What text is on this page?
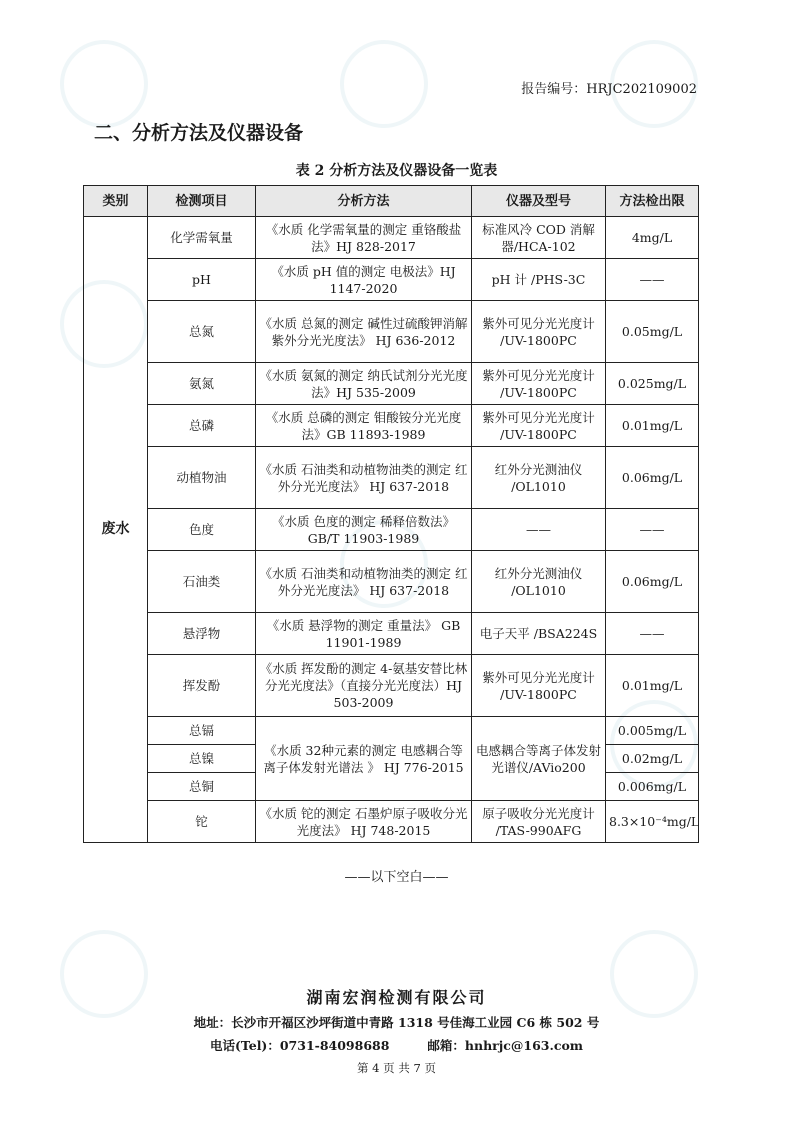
报告编号：HRJC202109002
二、分析方法及仪器设备
表 2 分析方法及仪器设备一览表
类别	检测项目	分析方法	仪器及型号	方法检出限
废水	化学需氧量	《水质 化学需氧量的测定 重铬酸盐法》HJ 828-2017	标准风冷 COD 消解器/HCA-102	4mg/L
	pH	《水质 pH 值的测定 电极法》HJ 1147-2020	pH 计 /PHS-3C	——
	总氮	《水质 总氮的测定 碱性过硫酸钾消解紫外分光光度法》 HJ 636-2012	紫外可见分光光度计 /UV-1800PC	0.05mg/L
	氨氮	《水质 氨氮的测定 纳氏试剂分光光度法》HJ 535-2009	紫外可见分光光度计 /UV-1800PC	0.025mg/L
	总磷	《水质 总磷的测定 钼酸铵分光光度法》GB 11893-1989	紫外可见分光光度计 /UV-1800PC	0.01mg/L
	动植物油	《水质 石油类和动植物油类的测定 红外分光光度法》 HJ 637-2018	红外分光测油仪 /OL1010	0.06mg/L
	色度	《水质 色度的测定 稀释倍数法》GB/T 11903-1989	——	——
	石油类	《水质 石油类和动植物油类的测定 红外分光光度法》 HJ 637-2018	红外分光测油仪 /OL1010	0.06mg/L
	悬浮物	《水质 悬浮物的测定 重量法》 GB 11901-1989	电子天平 /BSA224S	——
	挥发酚	《水质 挥发酚的测定 4-氨基安替比林分光光度法》（直接分光光度法）HJ 503-2009	紫外可见分光光度计 /UV-1800PC	0.01mg/L
	总镉	《水质 32种元素的测定 电感耦合等离子体发射光谱法 》 HJ 776-2015	电感耦合等离子体发射光谱仪/AVio200	0.005mg/L
	总镍			0.02mg/L
	总铜			0.006mg/L
	铊	《水质 铊的测定 石墨炉原子吸收分光光度法》 HJ 748-2015	原子吸收分光光度计 /TAS-990AFG	8.3×10⁻⁴mg/L
——以下空白——
湖南宏润检测有限公司
地址：长沙市开福区沙坪街道中青路 1318 号佳海工业园 C6 栋 502 号
电话(Tel)：0731-84098688	邮箱：hnhrjc@163.com
第 4 页 共 7 页
